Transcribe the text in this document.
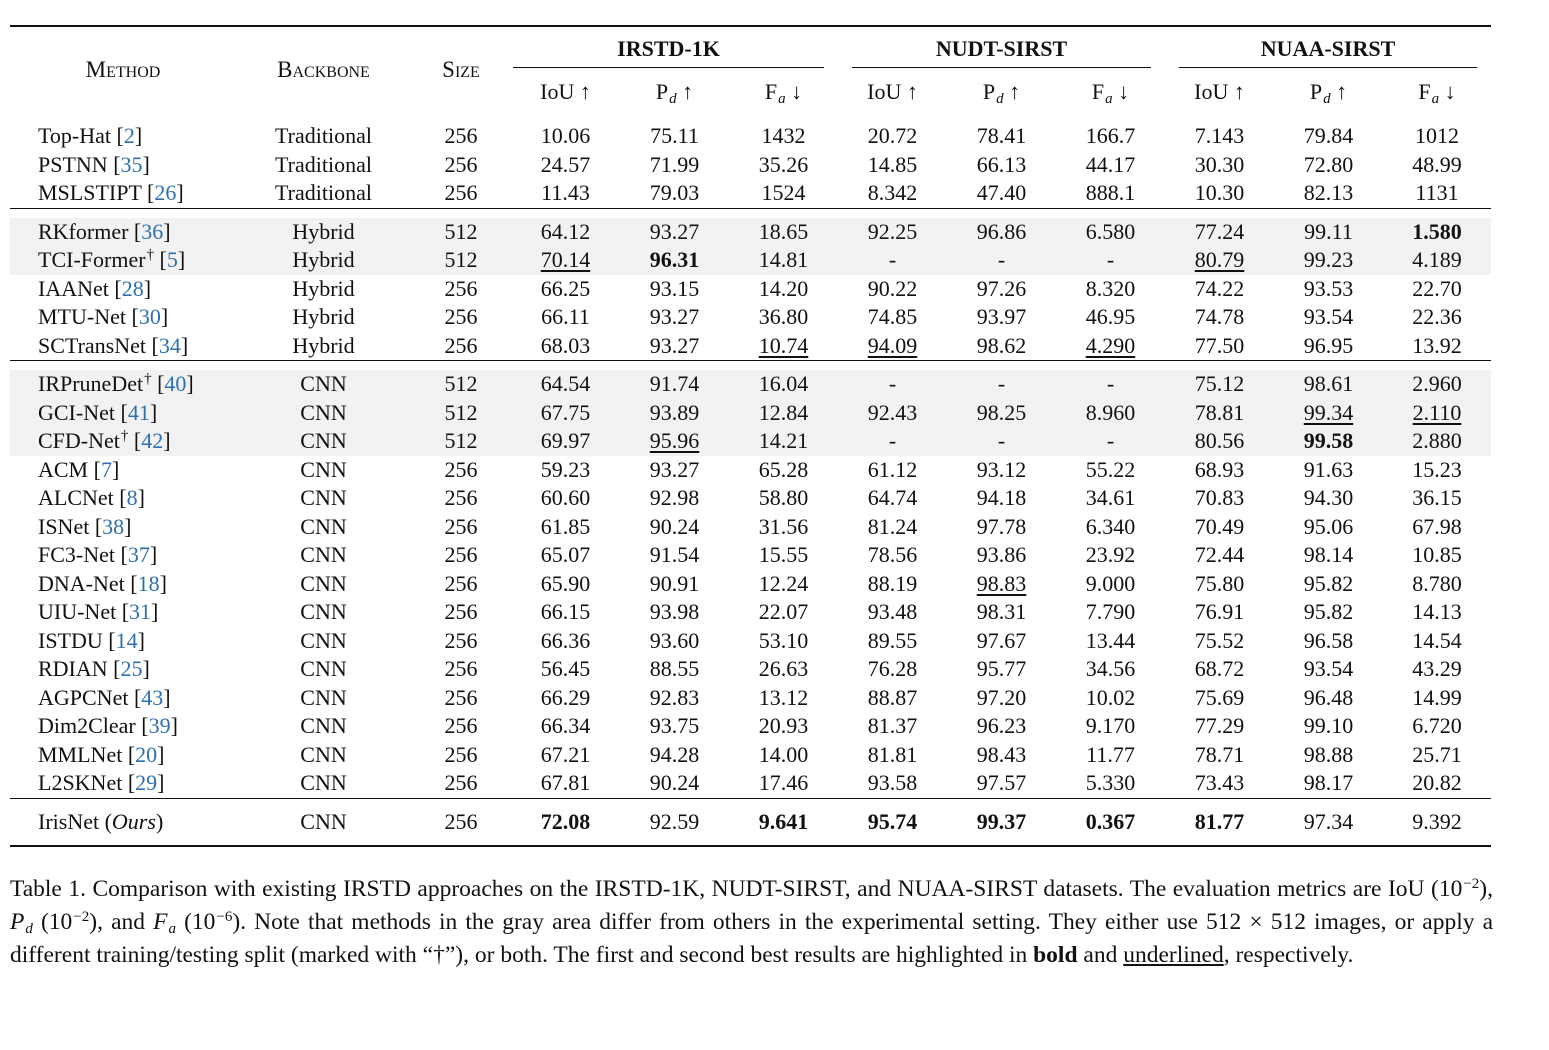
Method	Backbone	Size	IRSTD-1K			NUDT-SIRST			NUAA-SIRST		

			IoU ↑	Pd ↑	Fa ↓	IoU ↑	Pd ↑	Fa ↓	IoU ↑	Pd ↑	Fa ↓

Top-Hat [2]	Traditional	256	10.06	75.11	1432	20.72	78.41	166.7	7.143	79.84	1012
PSTNN [35]	Traditional	256	24.57	71.99	35.26	14.85	66.13	44.17	30.30	72.80	48.99
MSLSTIPT [26]	Traditional	256	11.43	79.03	1524	8.342	47.40	888.1	10.30	82.13	1131

RKformer [36]	Hybrid	512	64.12	93.27	18.65	92.25	96.86	6.580	77.24	99.11	1.580
TCI-Former† [5]	Hybrid	512	70.14	96.31	14.81	-	-	-	80.79	99.23	4.189
IAANet [28]	Hybrid	256	66.25	93.15	14.20	90.22	97.26	8.320	74.22	93.53	22.70
MTU-Net [30]	Hybrid	256	66.11	93.27	36.80	74.85	93.97	46.95	74.78	93.54	22.36
SCTransNet [34]	Hybrid	256	68.03	93.27	10.74	94.09	98.62	4.290	77.50	96.95	13.92

IRPruneDet† [40]	CNN	512	64.54	91.74	16.04	-	-	-	75.12	98.61	2.960
GCI-Net [41]	CNN	512	67.75	93.89	12.84	92.43	98.25	8.960	78.81	99.34	2.110
CFD-Net† [42]	CNN	512	69.97	95.96	14.21	-	-	-	80.56	99.58	2.880
ACM [7]	CNN	256	59.23	93.27	65.28	61.12	93.12	55.22	68.93	91.63	15.23
ALCNet [8]	CNN	256	60.60	92.98	58.80	64.74	94.18	34.61	70.83	94.30	36.15
ISNet [38]	CNN	256	61.85	90.24	31.56	81.24	97.78	6.340	70.49	95.06	67.98
FC3-Net [37]	CNN	256	65.07	91.54	15.55	78.56	93.86	23.92	72.44	98.14	10.85
DNA-Net [18]	CNN	256	65.90	90.91	12.24	88.19	98.83	9.000	75.80	95.82	8.780
UIU-Net [31]	CNN	256	66.15	93.98	22.07	93.48	98.31	7.790	76.91	95.82	14.13
ISTDU [14]	CNN	256	66.36	93.60	53.10	89.55	97.67	13.44	75.52	96.58	14.54
RDIAN [25]	CNN	256	56.45	88.55	26.63	76.28	95.77	34.56	68.72	93.54	43.29
AGPCNet [43]	CNN	256	66.29	92.83	13.12	88.87	97.20	10.02	75.69	96.48	14.99
Dim2Clear [39]	CNN	256	66.34	93.75	20.93	81.37	96.23	9.170	77.29	99.10	6.720
MMLNet [20]	CNN	256	67.21	94.28	14.00	81.81	98.43	11.77	78.71	98.88	25.71
L2SKNet [29]	CNN	256	67.81	90.24	17.46	93.58	97.57	5.330	73.43	98.17	20.82

IrisNet (Ours)	CNN	256	72.08	92.59	9.641	95.74	99.37	0.367	81.77	97.34	9.392

Table 1. Comparison with existing IRSTD approaches on the IRSTD-1K, NUDT-SIRST, and NUAA-SIRST datasets. The evaluation metrics are IoU (10−2), Pd (10−2), and Fa (10−6). Note that methods in the gray area differ from others in the experimental setting. They either use 512 × 512 images, or apply a different training/testing split (marked with “†”), or both. The first and second best results are highlighted in bold and underlined, respectively.
